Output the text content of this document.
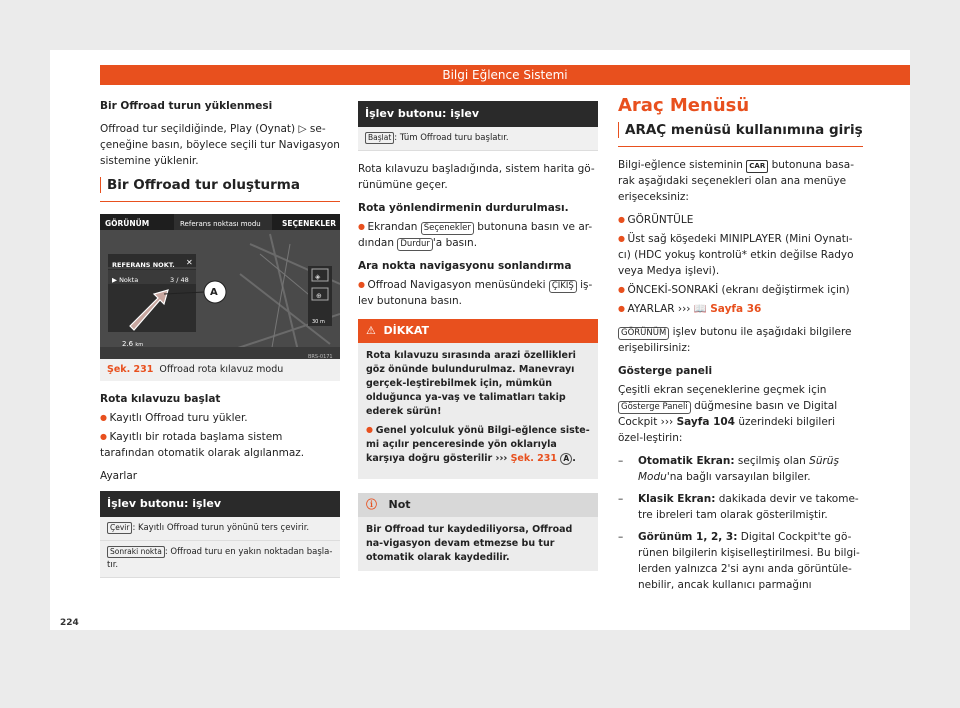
Bilgi Eğlence Sistemi

Bir Offroad turun yüklenmesi

Offroad tur seçildiğinde, Play (Oynat) ▷ se-çeneğine basın, böylece seçili tur Navigasyon sistemine yüklenir.

Bir Offroad tur oluşturma
GÖRÜNÜM	Referans noktası modu	SEÇENEKLER
REFERANS NOKT. ✕
▶ Nokta	3 / 48
2.6 km
30 m
◈
⊕
A
BRS-0171
Şek. 231 Offroad rota kılavuz modu

Rota kılavuzu başlat

● Kayıtlı Offroad turu yükler.

● Kayıtlı bir rotada başlama sistem tarafından otomatik olarak algılanmaz.

Ayarlar

İşlev butonu: işlev
Çevir : Kayıtlı Offroad turun yönünü ters çevirir.
Sonraki nokta : Offroad turu en yakın noktadan başla-tır.
İşlev butonu: işlev
Başlat : Tüm Offroad turu başlatır.

Rota kılavuzu başladığında, sistem harita gö-rünümüne geçer.

Rota yönlendirmenin durdurulması.

● Ekrandan Seçenekler butonuna basın ve ar-dından Durdur 'a basın.

Ara nokta navigasyonu sonlandırma

● Offroad Navigasyon menüsündeki ÇIKIŞ iş-lev butonuna basın.

⚠ DİKKAT

Rota kılavuzu sırasında arazi özellikleri göz önünde bulundurulmaz. Manevrayı gerçek-leştirebilmek için, mümkün olduğunca ya-vaş ve talimatları takip ederek sürün!

● Genel yolculuk yönü Bilgi-eğlence siste-mi açılır penceresinde yön oklarıyla karşıya doğru gösterilir ››› Şek. 231 A .

ⓘ Not
Bir Offroad tur kaydediliyorsa, Offroad na-vigasyon devam etmezse bu tur otomatik olarak kaydedilir.
Araç Menüsü
ARAÇ menüsü kullanımına giriş

Bilgi-eğlence sisteminin CAR butonuna basa-rak aşağıdaki seçenekleri olan ana menüye erişeceksiniz:

● GÖRÜNTÜLE

● Üst sağ köşedeki MINIPLAYER (Mini Oynatı-cı) (HDC yokuş kontrolü* etkin değilse Radyo veya Medya işlevi).

● ÖNCEKİ-SONRAKİ (ekranı değiştirmek için)

● AYARLAR ››› 📖 Sayfa 36

GÖRÜNÜM işlev butonu ile aşağıdaki bilgilere erişebilirsiniz:

Gösterge paneli

Çeşitli ekran seçeneklerine geçmek için Gösterge Paneli düğmesine basın ve Digital Cockpit ››› Sayfa 104 üzerindeki bilgileri özel-leştirin:

–	Otomatik Ekran: seçilmiş olan Sürüş Modu'na bağlı varsayılan bilgiler.
–	Klasik Ekran: dakikada devir ve takome-tre ibreleri tam olarak gösterilmiştir.
–	Görünüm 1, 2, 3: Digital Cockpit'te gö-rünen bilgilerin kişiselleştirilmesi. Bu bilgi-lerden yalnızca 2'si aynı anda görüntüle-nebilir, ancak kullanıcı parmağını
224
